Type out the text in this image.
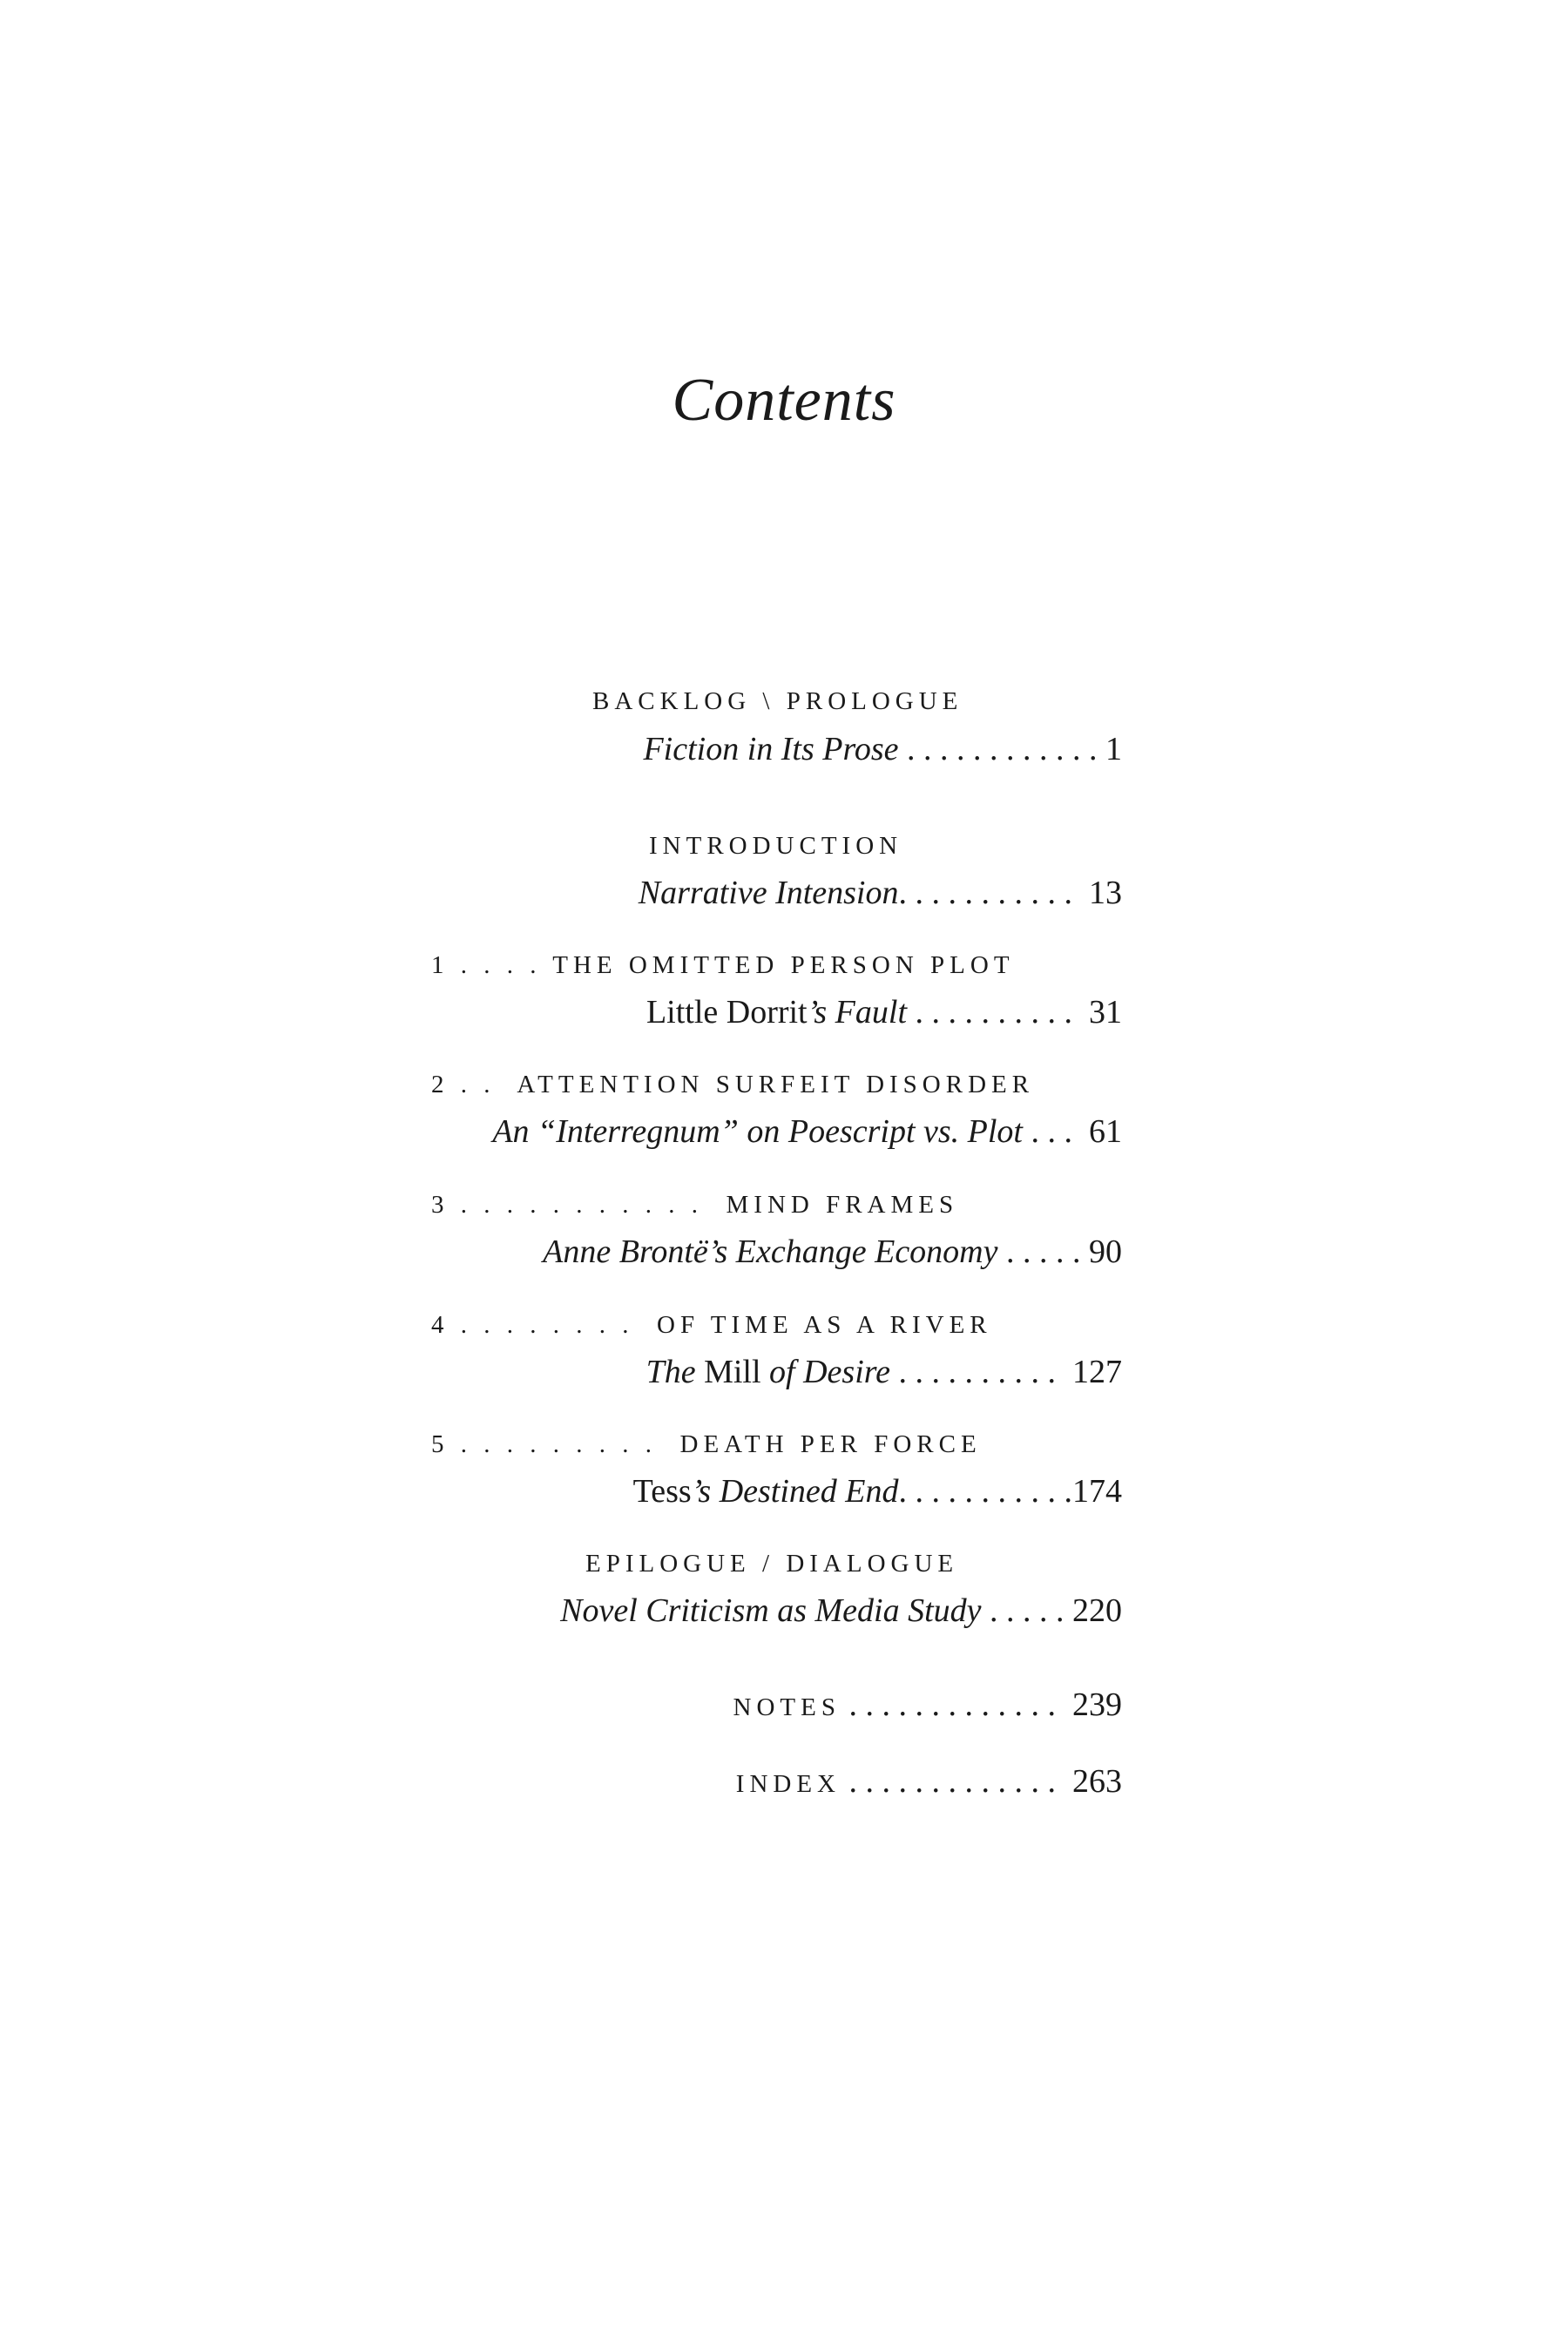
Contents
BACKLOG \ PROLOGUE
Fiction in Its Prose . . . . . . . . . . . . 1
INTRODUCTION
Narrative Intension. . . . . . . . . . .  13
1 . . . . THE OMITTED PERSON PLOT
Little Dorrit’s Fault . . . . . . . . . .  31
2 . .  ATTENTION SURFEIT DISORDER
An “Interregnum” on Poescript vs. Plot . . .  61
3 . . . . . . . . . . .  MIND FRAMES
Anne Brontë’s Exchange Economy . . . . . 90
4 . . . . . . . .  OF TIME AS A RIVER
The Mill of Desire . . . . . . . . . .  127
5 . . . . . . . . .  DEATH PER FORCE
Tess’s Destined End. . . . . . . . . . .174
EPILOGUE / DIALOGUE
Novel Criticism as Media Study . . . . . 220
NOTES . . . . . . . . . . . . .  239
INDEX . . . . . . . . . . . . .  263
